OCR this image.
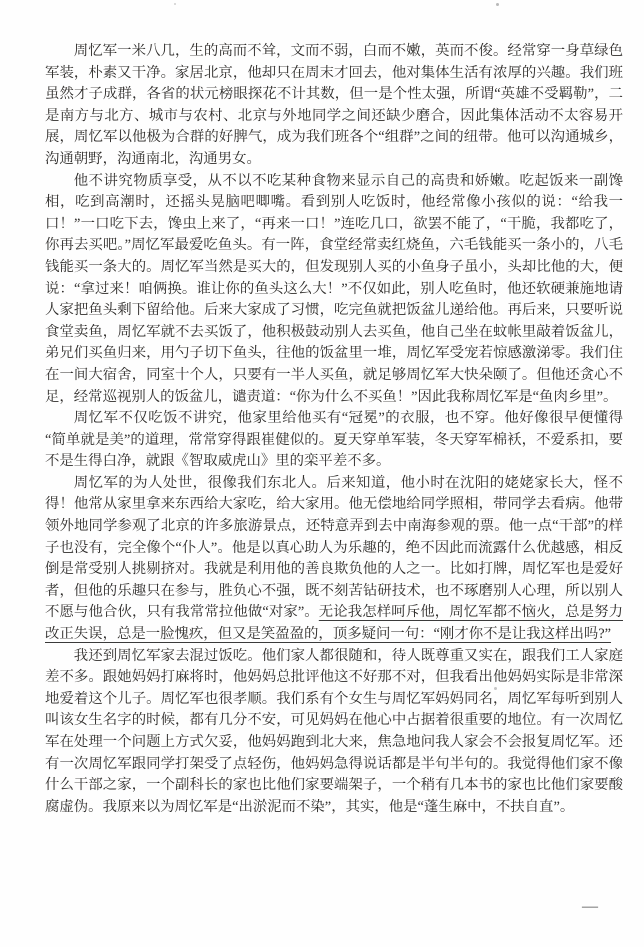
周忆军一米八几，生的高而不耸，文而不弱，白而不嫩，英而不俊。经常穿一身草绿色军装，朴素又干净。家居北京，他却只在周末才回去，他对集体生活有浓厚的兴趣。我们班虽然才子成群，各省的状元榜眼探花不计其数，但一是个性太强，所谓“英雄不受羁勒”，二是南方与北方、城市与农村、北京与外地同学之间还缺少磨合，因此集体活动不太容易开展，周忆军以他极为合群的好脾气，成为我们班各个“组群”之间的纽带。他可以沟通城乡，沟通朝野，沟通南北，沟通男女。

他不讲究物质享受，从不以不吃某种食物来显示自己的高贵和娇嫩。吃起饭来一副馋相，吃到高潮时，还摇头晃脑吧唧嘴。看到别人吃饭时，他经常像小孩似的说：“给我一口！”一口吃下去，馋虫上来了，“再来一口！”连吃几口，欲罢不能了，“干脆，我都吃了，你再去买吧。”周忆军最爱吃鱼头。有一阵，食堂经常卖红烧鱼，六毛钱能买一条小的，八毛钱能买一条大的。周忆军当然是买大的，但发现别人买的小鱼身子虽小，头却比他的大，便说：“拿过来！咱俩换。谁让你的鱼头这么大！”不仅如此，别人吃鱼时，他还软硬兼施地请人家把鱼头剩下留给他。后来大家成了习惯，吃完鱼就把饭盆儿递给他。再后来，只要听说食堂卖鱼，周忆军就不去买饭了，他积极鼓动别人去买鱼，他自己坐在蚊帐里敲着饭盆儿，弟兄们买鱼归来，用勺子切下鱼头，往他的饭盆里一堆，周忆军受宠若惊感激涕零。我们住在一间大宿舍，同室十个人，只要有一半人买鱼，就足够周忆军大快朵颐了。但他还贪心不足，经常巡视别人的饭盆儿，谴责道：“你为什么不买鱼！”因此我称周忆军是“鱼肉乡里”。

周忆军不仅吃饭不讲究，他家里给他买有“冠冕”的衣服，也不穿。他好像很早便懂得“简单就是美”的道理，常常穿得跟崔健似的。夏天穿单军装，冬天穿军棉袄，不爱系扣，要不是生得白净，就跟《智取威虎山》里的栾平差不多。

周忆军的为人处世，很像我们东北人。后来知道，他小时在沈阳的姥姥家长大，怪不得！他常从家里拿来东西给大家吃，给大家用。他无偿地给同学照相，带同学去看病。他带领外地同学参观了北京的许多旅游景点，还特意弄到去中南海参观的票。他一点“干部”的样子也没有，完全像个“仆人”。他是以真心助人为乐趣的，绝不因此而流露什么优越感，相反倒是常受别人挑剔挤对。我就是利用他的善良欺负他的人之一。比如打牌，周忆军也是爱好者，但他的乐趣只在参与，胜负心不强，既不刻苦钻研技术，也不琢磨别人心理，所以别人不愿与他合伙，只有我常常拉他做“对家”。无论我怎样呵斥他，周忆军都不恼火，总是努力改正失误，总是一脸愧疚，但又是笑盈盈的，顶多疑问一句：“刚才你不是让我这样出吗?”

我还到周忆军家去混过饭吃。他们家人都很随和，待人既尊重又实在，跟我们工人家庭差不多。跟她妈妈打麻将时，他妈妈总批评他这不好那不对，但我看出他妈妈实际是非常深地爱着这个儿子。周忆军也很孝顺。我们系有个女生与周忆军妈妈同名，周忆军每听到别人叫该女生名字的时候，都有几分不安，可见妈妈在他心中占据着很重要的地位。有一次周忆军在处理一个问题上方式欠妥，他妈妈跑到北大来，焦急地问我人家会不会报复周忆军。还有一次周忆军跟同学打架受了点轻伤，他妈妈急得说话都是半句半句的。我觉得他们家不像什么干部之家，一个副科长的家也比他们家要端架子，一个稍有几本书的家也比他们家要酸腐虚伪。我原来以为周忆军是“出淤泥而不染”，其实，他是“蓬生麻中，不扶自直”。

—
